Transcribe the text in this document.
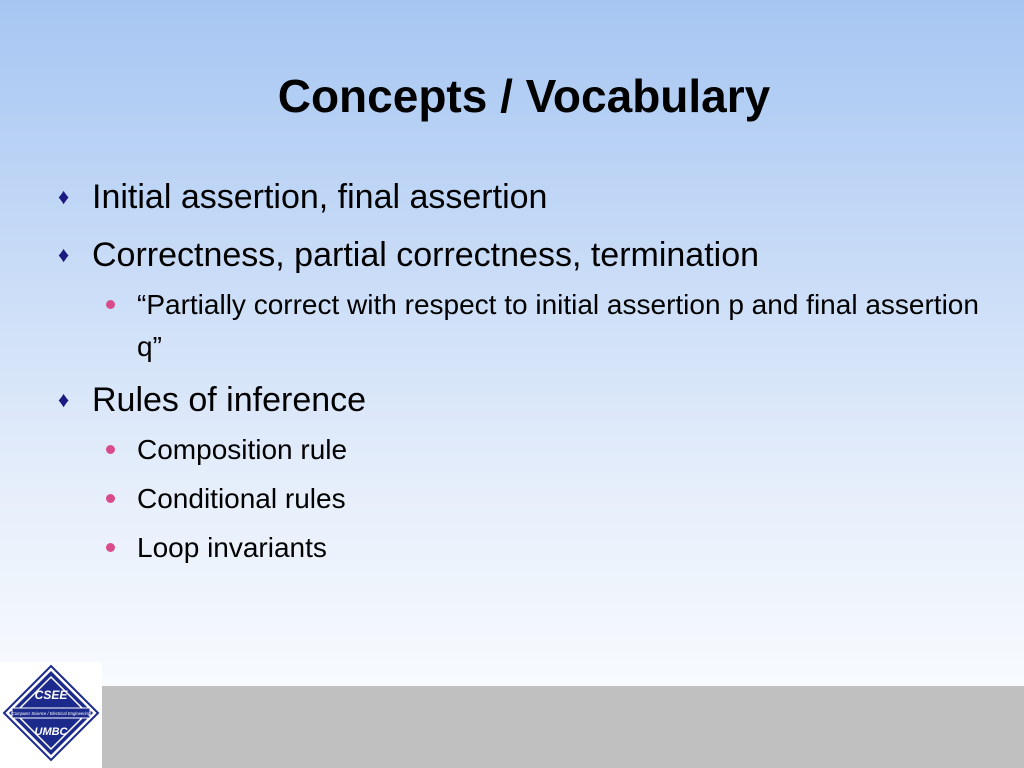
Concepts / Vocabulary
♦ Initial assertion, final assertion
♦ Correctness, partial correctness, termination
“Partially correct with respect to initial assertion p and final assertion q”
♦ Rules of inference
Composition rule
Conditional rules
Loop invariants
CSEE
Computer Science / Electrical Engineering
UMBC
